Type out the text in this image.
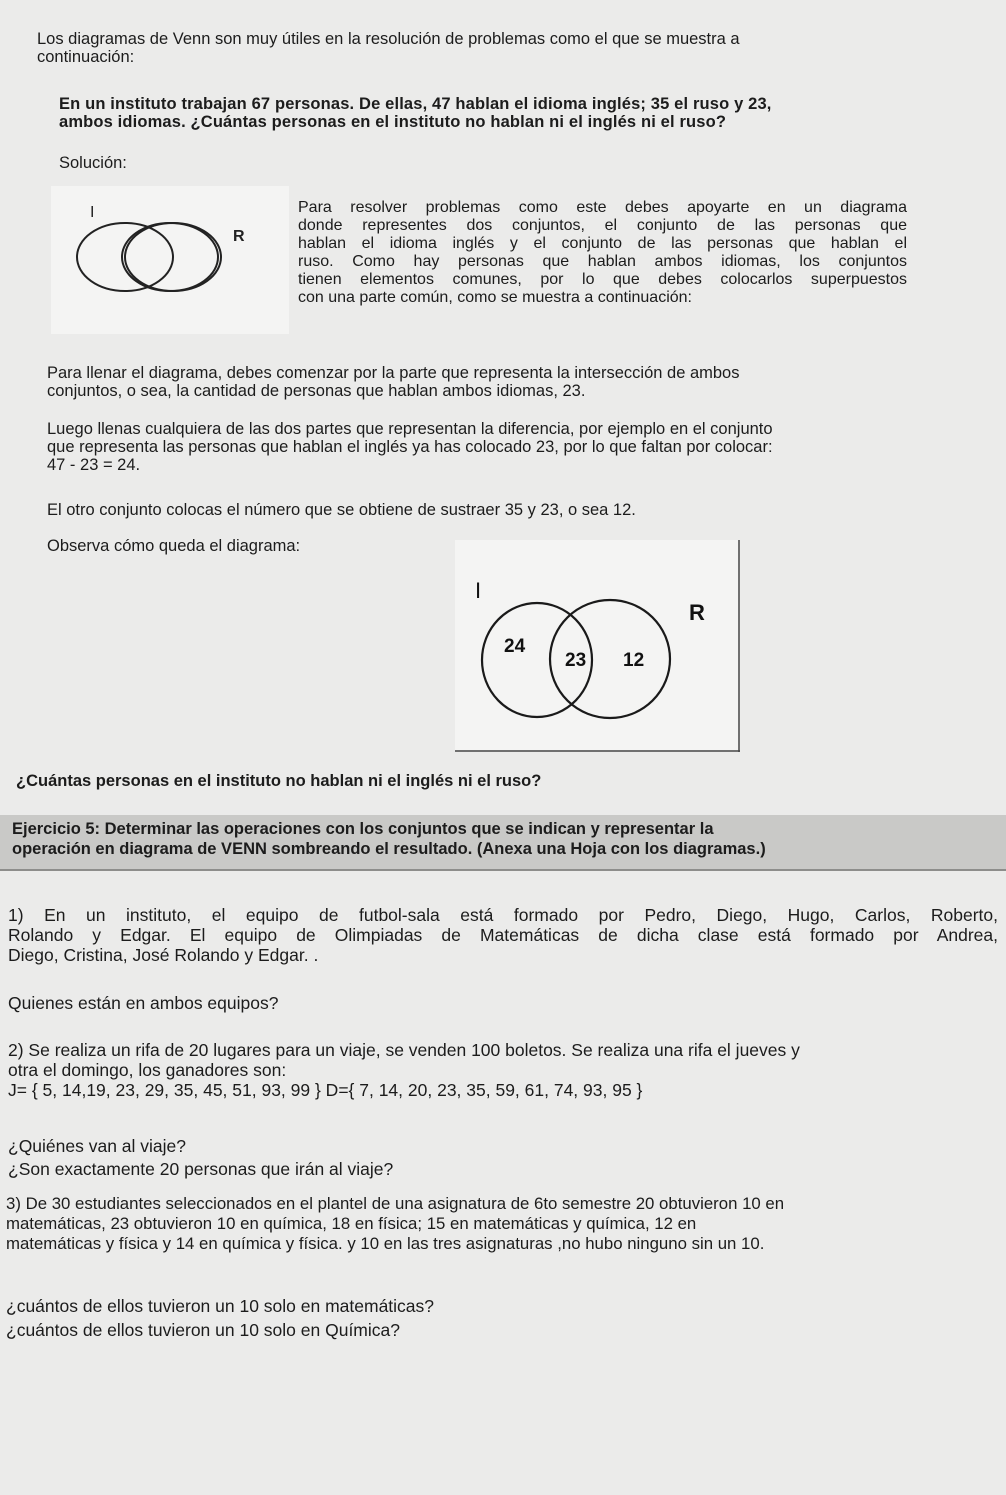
Los diagramas de Venn son muy útiles en la resolución de problemas como el que se muestra a
continuación:

En un instituto trabajan 67 personas. De ellas, 47 hablan el idioma inglés; 35 el ruso y 23,
ambos idiomas. ¿Cuántas personas en el instituto no hablan ni el inglés ni el ruso?

Solución:

I
R

Para resolver problemas como este debes apoyarte en un diagrama
donde representes dos conjuntos, el conjunto de las personas que
hablan el idioma inglés y el conjunto de las personas que hablan el
ruso. Como hay personas que hablan ambos idiomas, los conjuntos
tienen elementos comunes, por lo que debes colocarlos superpuestos
con una parte común, como se muestra a continuación:

Para llenar el diagrama, debes comenzar por la parte que representa la intersección de ambos
conjuntos, o sea, la cantidad de personas que hablan ambos idiomas, 23.

Luego llenas cualquiera de las dos partes que representan la diferencia, por ejemplo en el conjunto
que representa las personas que hablan el inglés ya has colocado 23, por lo que faltan por colocar:
47 - 23 = 24.

El otro conjunto colocas el número que se obtiene de sustraer 35 y 23, o sea 12.

Observa cómo queda el diagrama:

I
R
24
23 12

¿Cuántas personas en el instituto no hablan ni el inglés ni el ruso?

Ejercicio 5: Determinar las operaciones con los conjuntos que se indican y representar la
operación en diagrama de VENN sombreando el resultado. (Anexa una Hoja con los diagramas.)

1) En un instituto, el equipo de futbol-sala está formado por Pedro, Diego, Hugo, Carlos, Roberto,
Rolando y Edgar. El equipo de Olimpiadas de Matemáticas de dicha clase está formado por Andrea,
Diego, Cristina, José Rolando y Edgar. .

Quienes están en ambos equipos?

2) Se realiza un rifa de 20 lugares para un viaje, se venden 100 boletos. Se realiza una rifa el jueves y
otra el domingo, los ganadores son:
J= { 5, 14,19, 23, 29, 35, 45, 51, 93, 99 } D={ 7, 14, 20, 23, 35, 59, 61, 74, 93, 95 }

¿Quiénes van al viaje?

¿Son exactamente 20 personas que irán al viaje?

3) De 30 estudiantes seleccionados en el plantel de una asignatura de 6to semestre 20 obtuvieron 10 en
matemáticas, 23 obtuvieron 10 en química, 18 en física; 15 en matemáticas y química, 12 en
matemáticas y física y 14 en química y física. y 10 en las tres asignaturas ,no hubo ninguno sin un 10.

¿cuántos de ellos tuvieron un 10 solo en matemáticas?

¿cuántos de ellos tuvieron un 10 solo en Química?
